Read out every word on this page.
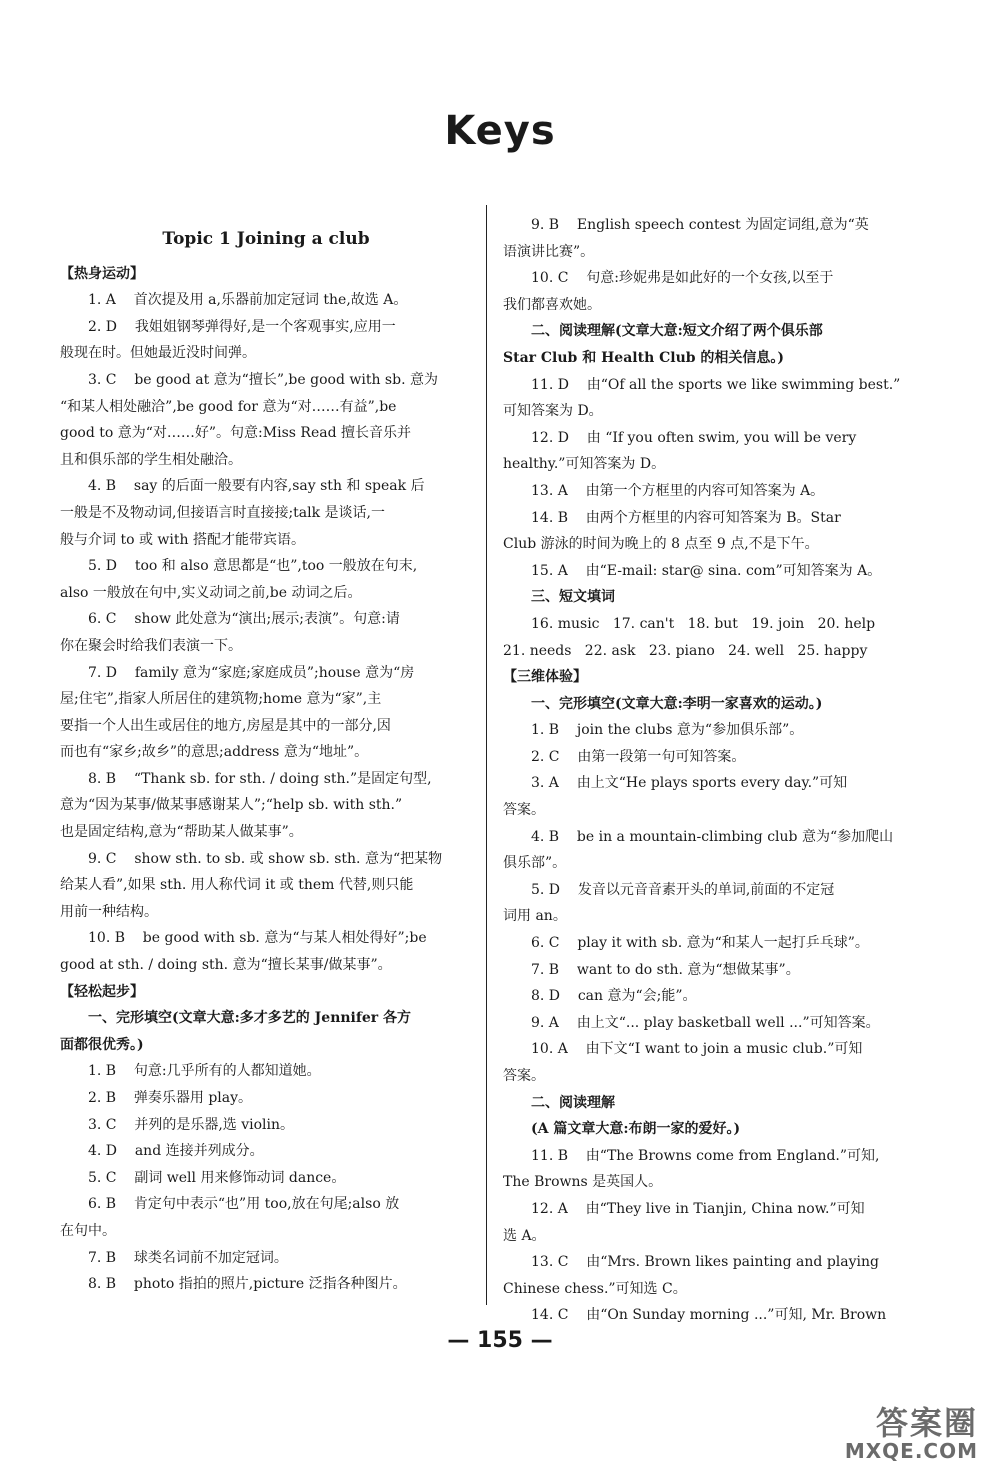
Keys
Topic 1 Joining a club
【热身运动】
1. A    首次提及用 a,乐器前加定冠词 the,故选 A。
2. D    我姐姐钢琴弹得好,是一个客观事实,应用一
般现在时。但她最近没时间弹。
3. C    be good at 意为“擅长”,be good with sb. 意为
“和某人相处融洽”,be good for 意为“对……有益”,be
good to 意为“对……好”。句意:Miss Read 擅长音乐并
且和俱乐部的学生相处融洽。
4. B    say 的后面一般要有内容,say sth 和 speak 后
一般是不及物动词,但接语言时直接接;talk 是谈话,一
般与介词 to 或 with 搭配才能带宾语。
5. D    too 和 also 意思都是“也”,too 一般放在句末,
also 一般放在句中,实义动词之前,be 动词之后。
6. C    show 此处意为“演出;展示;表演”。句意:请
你在聚会时给我们表演一下。
7. D    family 意为“家庭;家庭成员”;house 意为“房
屋;住宅”,指家人所居住的建筑物;home 意为“家”,主
要指一个人出生或居住的地方,房屋是其中的一部分,因
而也有“家乡;故乡”的意思;address 意为“地址”。
8. B    “Thank sb. for sth. / doing sth.”是固定句型,
意为“因为某事/做某事感谢某人”;“help sb. with sth.”
也是固定结构,意为“帮助某人做某事”。
9. C    show sth. to sb. 或 show sb. sth. 意为“把某物
给某人看”,如果 sth. 用人称代词 it 或 them 代替,则只能
用前一种结构。
10. B    be good with sb. 意为“与某人相处得好”;be
good at sth. / doing sth. 意为“擅长某事/做某事”。
【轻松起步】
一、完形填空(文章大意:多才多艺的 Jennifer 各方
面都很优秀。)
1. B    句意:几乎所有的人都知道她。
2. B    弹奏乐器用 play。
3. C    并列的是乐器,选 violin。
4. D    and 连接并列成分。
5. C    副词 well 用来修饰动词 dance。
6. B    肯定句中表示“也”用 too,放在句尾;also 放
在句中。
7. B    球类名词前不加定冠词。
8. B    photo 指拍的照片,picture 泛指各种图片。
9. B    English speech contest 为固定词组,意为“英
语演讲比赛”。
10. C    句意:珍妮弗是如此好的一个女孩,以至于
我们都喜欢她。
二、阅读理解(文章大意:短文介绍了两个俱乐部
Star Club 和 Health Club 的相关信息。)
11. D    由“Of all the sports we like swimming best.”
可知答案为 D。
12. D    由 “If you often swim, you will be very
healthy.”可知答案为 D。
13. A    由第一个方框里的内容可知答案为 A。
14. B    由两个方框里的内容可知答案为 B。Star
Club 游泳的时间为晚上的 8 点至 9 点,不是下午。
15. A    由“E-mail: star@ sina. com”可知答案为 A。
三、短文填词
16. music   17. can't   18. but   19. join   20. help
21. needs   22. ask   23. piano   24. well   25. happy
【三维体验】
一、完形填空(文章大意:李明一家喜欢的运动。)
1. B    join the clubs 意为“参加俱乐部”。
2. C    由第一段第一句可知答案。
3. A    由上文“He plays sports every day.”可知
答案。
4. B    be in a mountain-climbing club 意为“参加爬山
俱乐部”。
5. D    发音以元音音素开头的单词,前面的不定冠
词用 an。
6. C    play it with sb. 意为“和某人一起打乒乓球”。
7. B    want to do sth. 意为“想做某事”。
8. D    can 意为“会;能”。
9. A    由上文“... play basketball well ...”可知答案。
10. A    由下文“I want to join a music club.”可知
答案。
二、阅读理解
(A 篇文章大意:布朗一家的爱好。)
11. B    由“The Browns come from England.”可知,
The Browns 是英国人。
12. A    由“They live in Tianjin, China now.”可知
选 A。
13. C    由“Mrs. Brown likes painting and playing
Chinese chess.”可知选 C。
14. C    由“On Sunday morning ...”可知, Mr. Brown
— 155 —
答案圈
MXQE.COM
